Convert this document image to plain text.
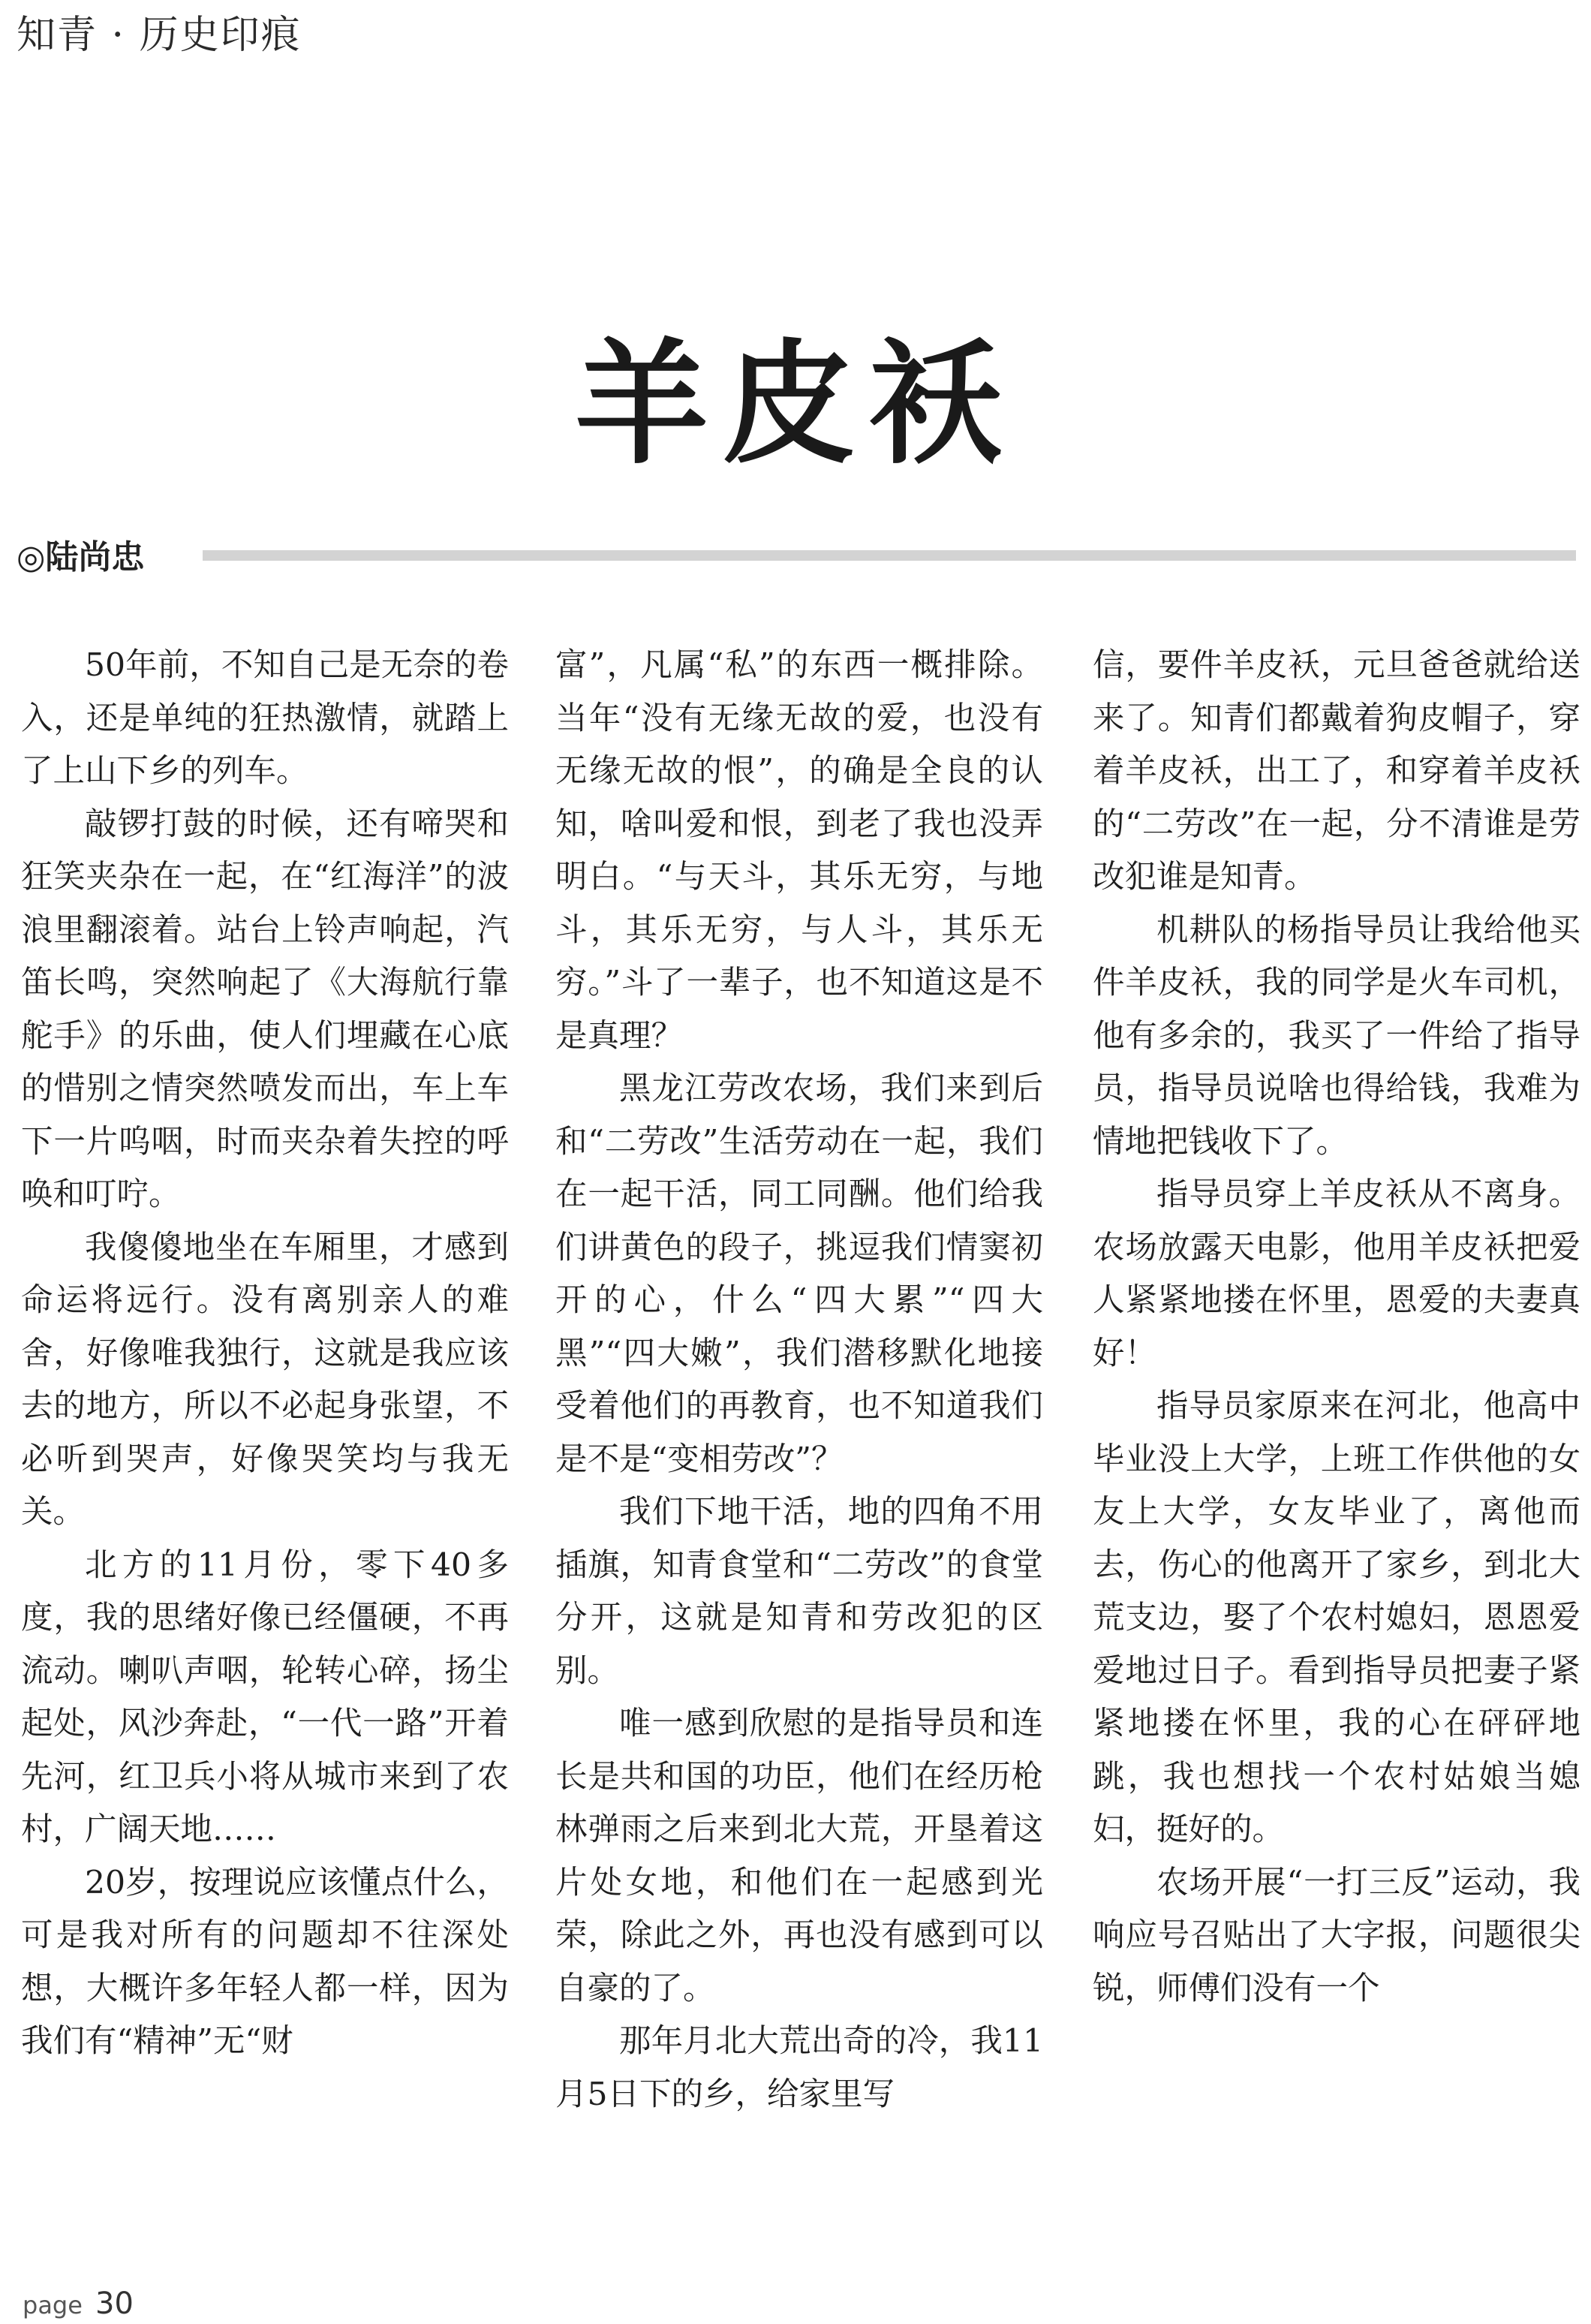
知青 · 历史印痕
羊皮袄
◎陆尚忠

50年前，不知自己是无奈的卷入，还是单纯的狂热激情，就踏上了上山下乡的列车。

敲锣打鼓的时候，还有啼哭和狂笑夹杂在一起，在“红海洋”的波浪里翻滚着。站台上铃声响起，汽笛长鸣，突然响起了《大海航行靠舵手》的乐曲，使人们埋藏在心底的惜别之情突然喷发而出，车上车下一片呜咽，时而夹杂着失控的呼唤和叮咛。

我傻傻地坐在车厢里，才感到命运将远行。没有离别亲人的难舍，好像唯我独行，这就是我应该去的地方，所以不必起身张望，不必听到哭声，好像哭笑均与我无关。

北方的11月份，零下40多度，我的思绪好像已经僵硬，不再流动。喇叭声咽，轮转心碎，扬尘起处，风沙奔赴，“一代一路”开着先河，红卫兵小将从城市来到了农村，广阔天地……

20岁，按理说应该懂点什么，可是我对所有的问题却不往深处想，大概许多年轻人都一样，因为我们有“精神”无“财

富”，凡属“私”的东西一概排除。当年“没有无缘无故的爱，也没有无缘无故的恨”，的确是全良的认知，啥叫爱和恨，到老了我也没弄明白。“与天斗，其乐无穷，与地斗，其乐无穷，与人斗，其乐无穷。”斗了一辈子，也不知道这是不是真理？

黑龙江劳改农场，我们来到后和“二劳改”生活劳动在一起，我们在一起干活，同工同酬。他们给我们讲黄色的段子，挑逗我们情窦初开的心，什么“四大累”“四大黑”“四大嫩”，我们潜移默化地接受着他们的再教育，也不知道我们是不是“变相劳改”？

我们下地干活，地的四角不用插旗，知青食堂和“二劳改”的食堂分开，这就是知青和劳改犯的区别。

唯一感到欣慰的是指导员和连长是共和国的功臣，他们在经历枪林弹雨之后来到北大荒，开垦着这片处女地，和他们在一起感到光荣，除此之外，再也没有感到可以自豪的了。

那年月北大荒出奇的冷，我11月5日下的乡，给家里写

信，要件羊皮袄，元旦爸爸就给送来了。知青们都戴着狗皮帽子，穿着羊皮袄，出工了，和穿着羊皮袄的“二劳改”在一起，分不清谁是劳改犯谁是知青。

机耕队的杨指导员让我给他买件羊皮袄，我的同学是火车司机，他有多余的，我买了一件给了指导员，指导员说啥也得给钱，我难为情地把钱收下了。

指导员穿上羊皮袄从不离身。农场放露天电影，他用羊皮袄把爱人紧紧地搂在怀里，恩爱的夫妻真好！

指导员家原来在河北，他高中毕业没上大学，上班工作供他的女友上大学，女友毕业了，离他而去，伤心的他离开了家乡，到北大荒支边，娶了个农村媳妇，恩恩爱爱地过日子。看到指导员把妻子紧紧地搂在怀里，我的心在砰砰地跳，我也想找一个农村姑娘当媳妇，挺好的。

农场开展“一打三反”运动，我响应号召贴出了大字报，问题很尖锐，师傅们没有一个

page 30
